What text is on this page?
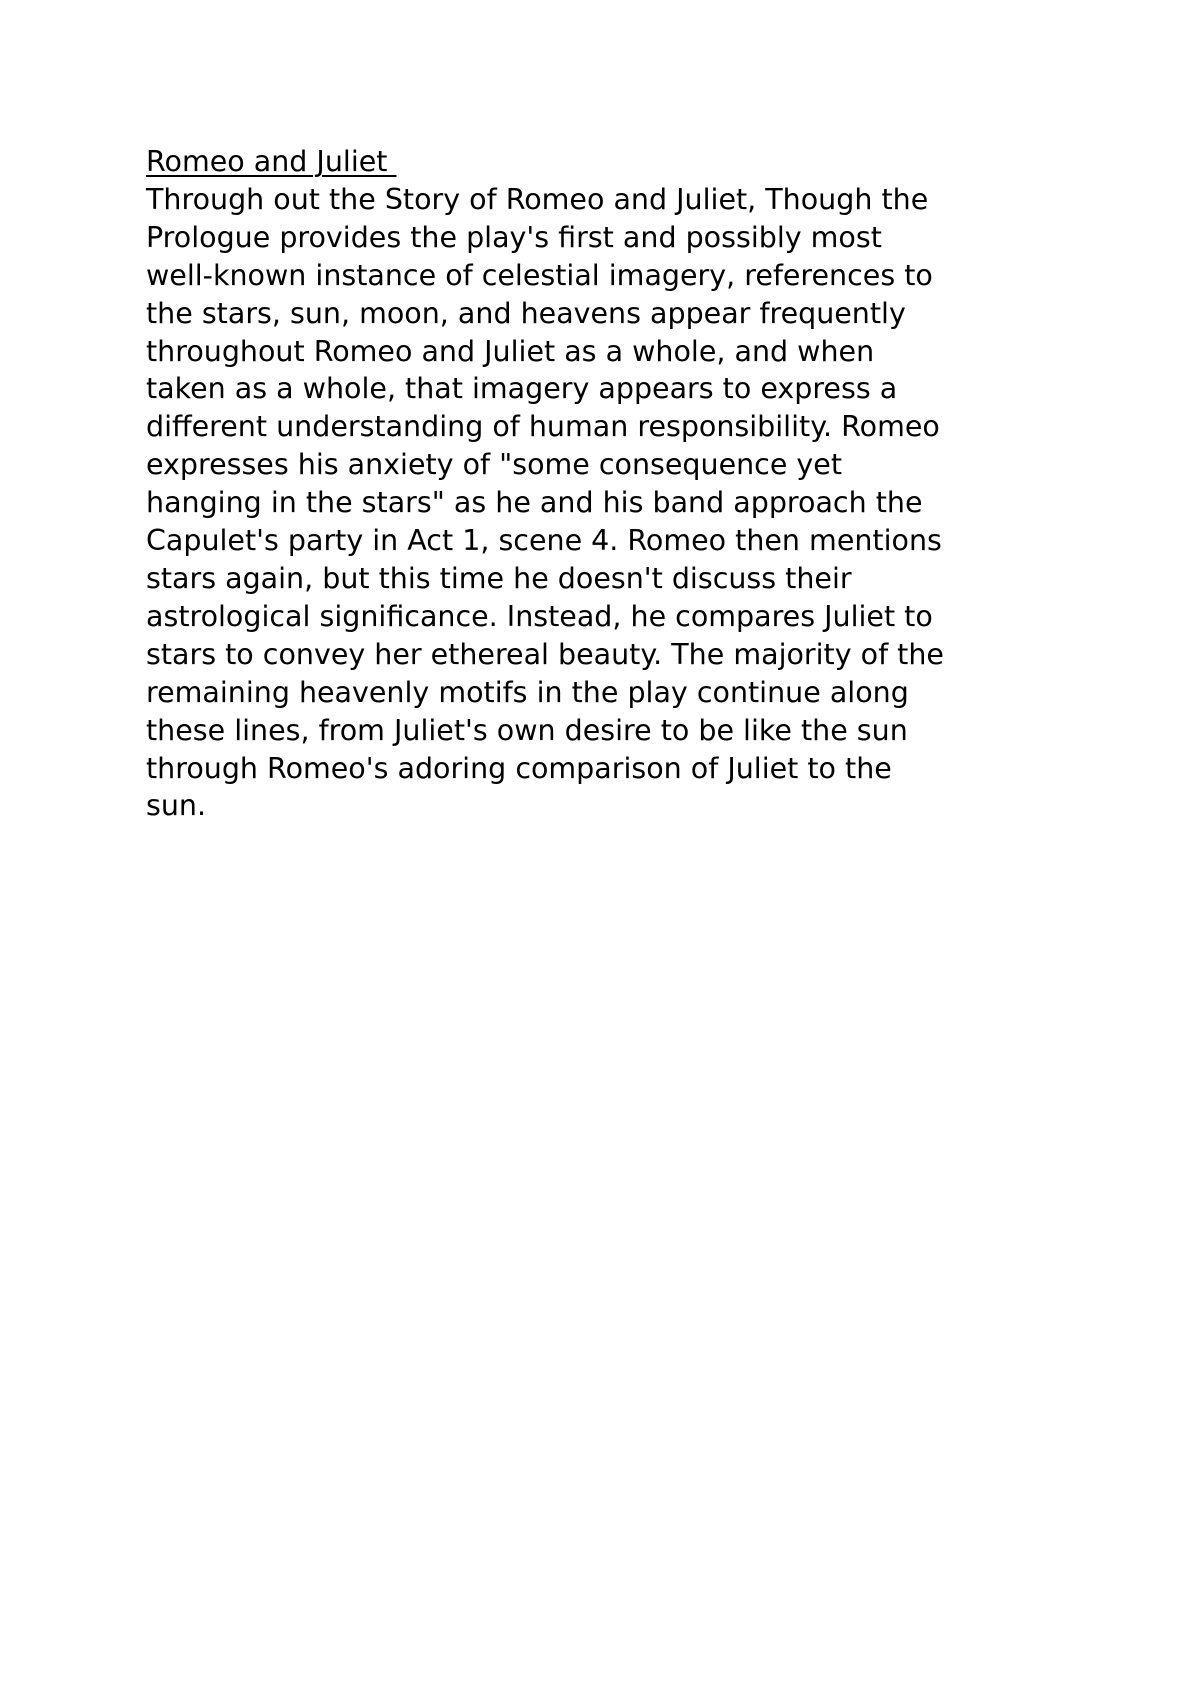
Romeo and Juliet
Through out the Story of Romeo and Juliet, Though the
Prologue provides the play's first and possibly most
well-known instance of celestial imagery, references to
the stars, sun, moon, and heavens appear frequently
throughout Romeo and Juliet as a whole, and when
taken as a whole, that imagery appears to express a
different understanding of human responsibility. Romeo
expresses his anxiety of "some consequence yet
hanging in the stars" as he and his band approach the
Capulet's party in Act 1, scene 4. Romeo then mentions
stars again, but this time he doesn't discuss their
astrological significance. Instead, he compares Juliet to
stars to convey her ethereal beauty. The majority of the
remaining heavenly motifs in the play continue along
these lines, from Juliet's own desire to be like the sun
through Romeo's adoring comparison of Juliet to the
sun.
